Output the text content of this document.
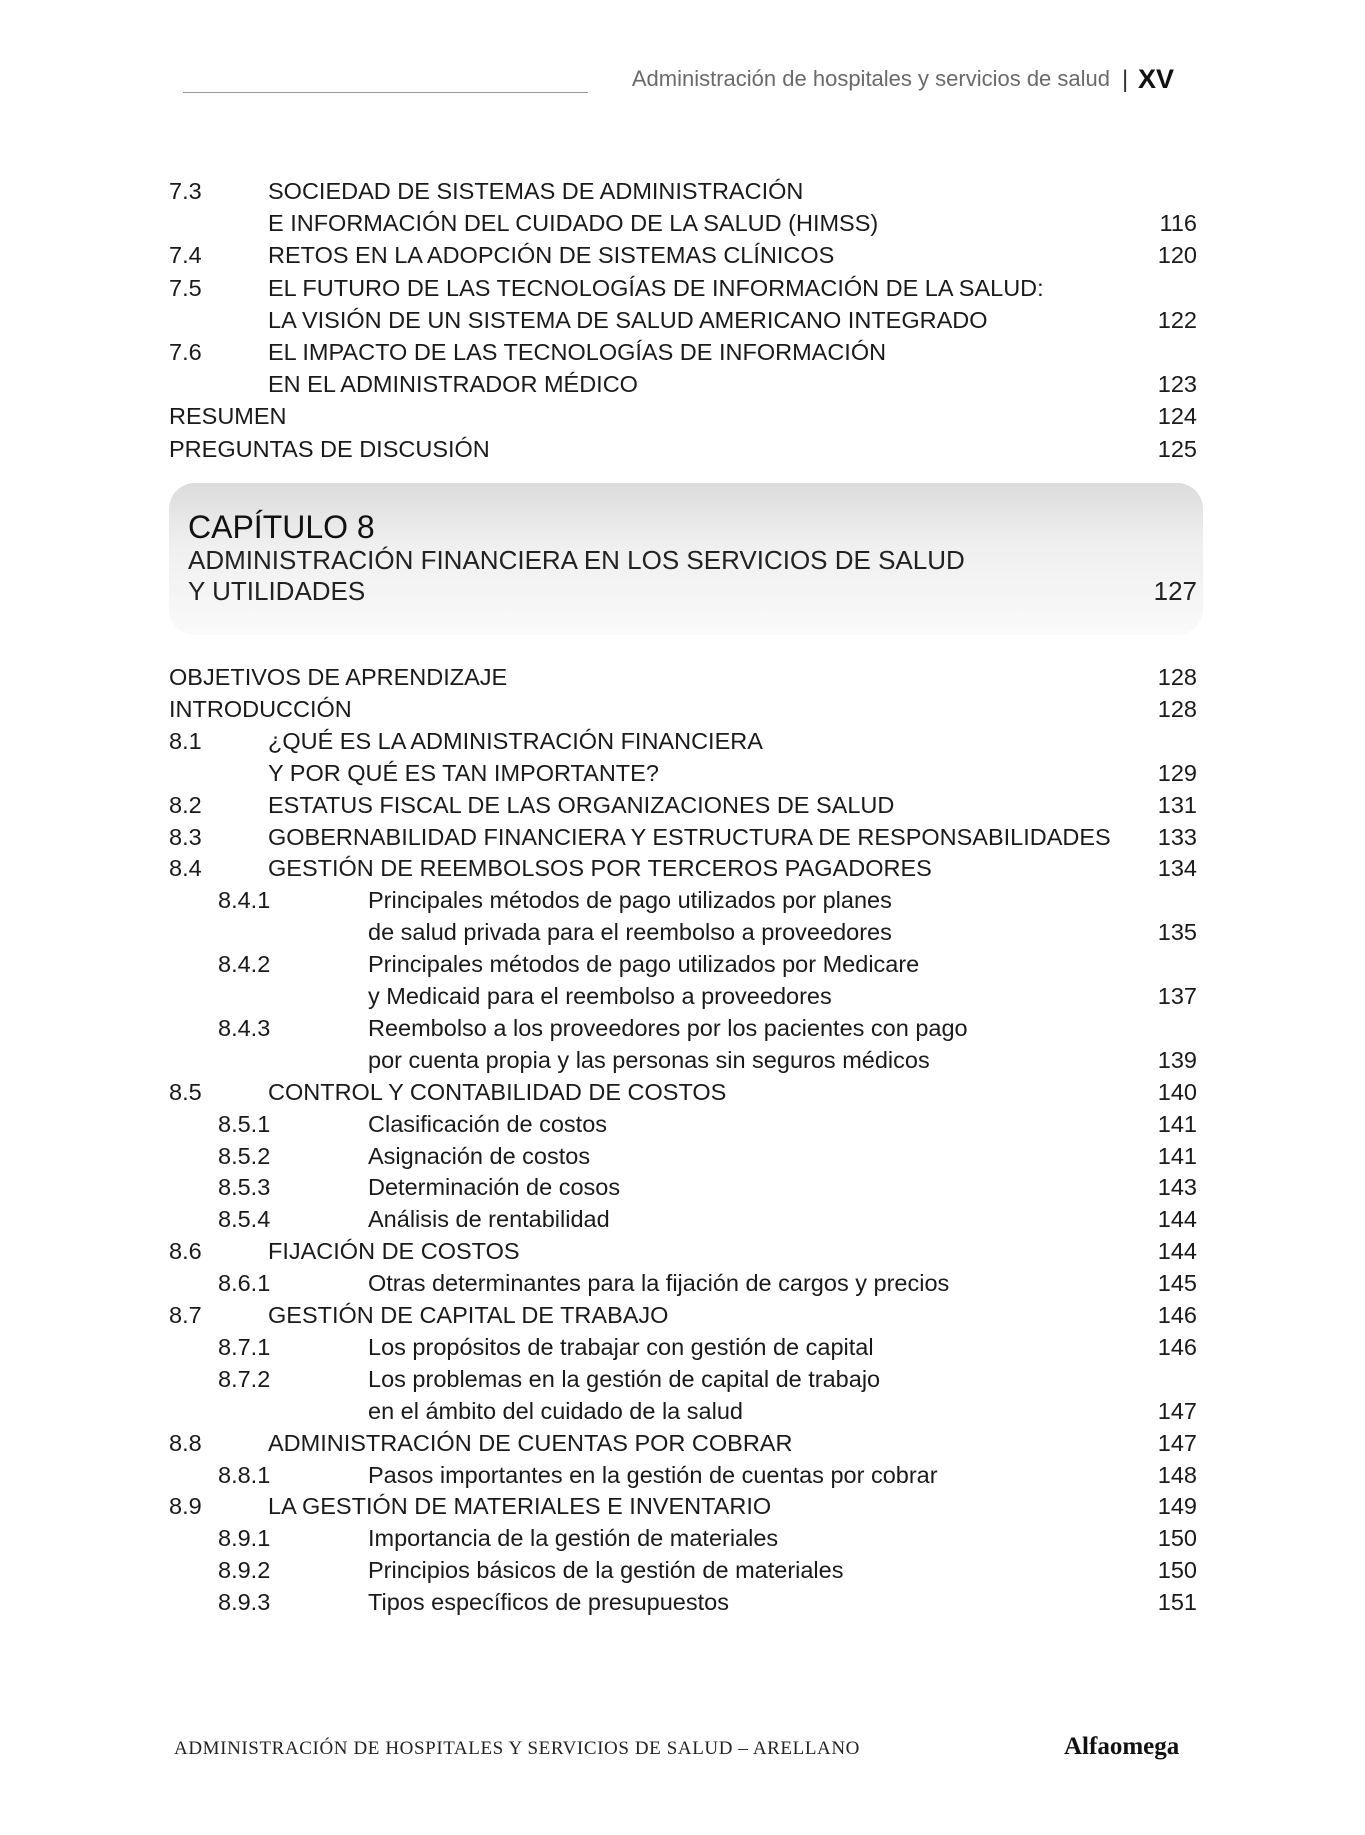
Administración de hospitales y servicios de salud | XV
7.3	SOCIEDAD DE SISTEMAS DE ADMINISTRACIÓN
E INFORMACIÓN DEL CUIDADO DE LA SALUD (HIMSS)	116
7.4	RETOS EN LA ADOPCIÓN DE SISTEMAS CLÍNICOS	120
7.5	EL FUTURO DE LAS TECNOLOGÍAS DE INFORMACIÓN DE LA SALUD:
LA VISIÓN DE UN SISTEMA DE SALUD AMERICANO INTEGRADO	122
7.6	EL IMPACTO DE LAS TECNOLOGÍAS DE INFORMACIÓN
EN EL ADMINISTRADOR MÉDICO	123
RESUMEN	124
PREGUNTAS DE DISCUSIÓN	125
CAPÍTULO 8
ADMINISTRACIÓN FINANCIERA EN LOS SERVICIOS DE SALUD
Y UTILIDADES	127
OBJETIVOS DE APRENDIZAJE	128
INTRODUCCIÓN	128
8.1	¿QUÉ ES LA ADMINISTRACIÓN FINANCIERA
Y POR QUÉ ES TAN IMPORTANTE?	129
8.2	ESTATUS FISCAL DE LAS ORGANIZACIONES DE SALUD	131
8.3	GOBERNABILIDAD FINANCIERA Y ESTRUCTURA DE RESPONSABILIDADES 133
8.4	GESTIÓN DE REEMBOLSOS POR TERCEROS PAGADORES	134
8.4.1	Principales métodos de pago utilizados por planes
de salud privada para el reembolso a proveedores	135
8.4.2	Principales métodos de pago utilizados por Medicare
y Medicaid para el reembolso a proveedores	137
8.4.3	Reembolso a los proveedores por los pacientes con pago
por cuenta propia y las personas sin seguros médicos	139
8.5	CONTROL Y CONTABILIDAD DE COSTOS	140
8.5.1	Clasificación de costos	141
8.5.2	Asignación de costos	141
8.5.3	Determinación de cosos	143
8.5.4	Análisis de rentabilidad	144
8.6	FIJACIÓN DE COSTOS	144
8.6.1	Otras determinantes para la fijación de cargos y precios	145
8.7	GESTIÓN DE CAPITAL DE TRABAJO	146
8.7.1	Los propósitos de trabajar con gestión de capital	146
8.7.2	Los problemas en la gestión de capital de trabajo
en el ámbito del cuidado de la salud	147
8.8	ADMINISTRACIÓN DE CUENTAS POR COBRAR	147
8.8.1	Pasos importantes en la gestión de cuentas por cobrar	148
8.9	LA GESTIÓN DE MATERIALES E INVENTARIO	149
8.9.1	Importancia de la gestión de materiales	150
8.9.2	Principios básicos de la gestión de materiales	150
8.9.3	Tipos específicos de presupuestos	151
ADMINISTRACIÓN DE HOSPITALES Y SERVICIOS DE SALUD – ARELLANO	Alfaomega
